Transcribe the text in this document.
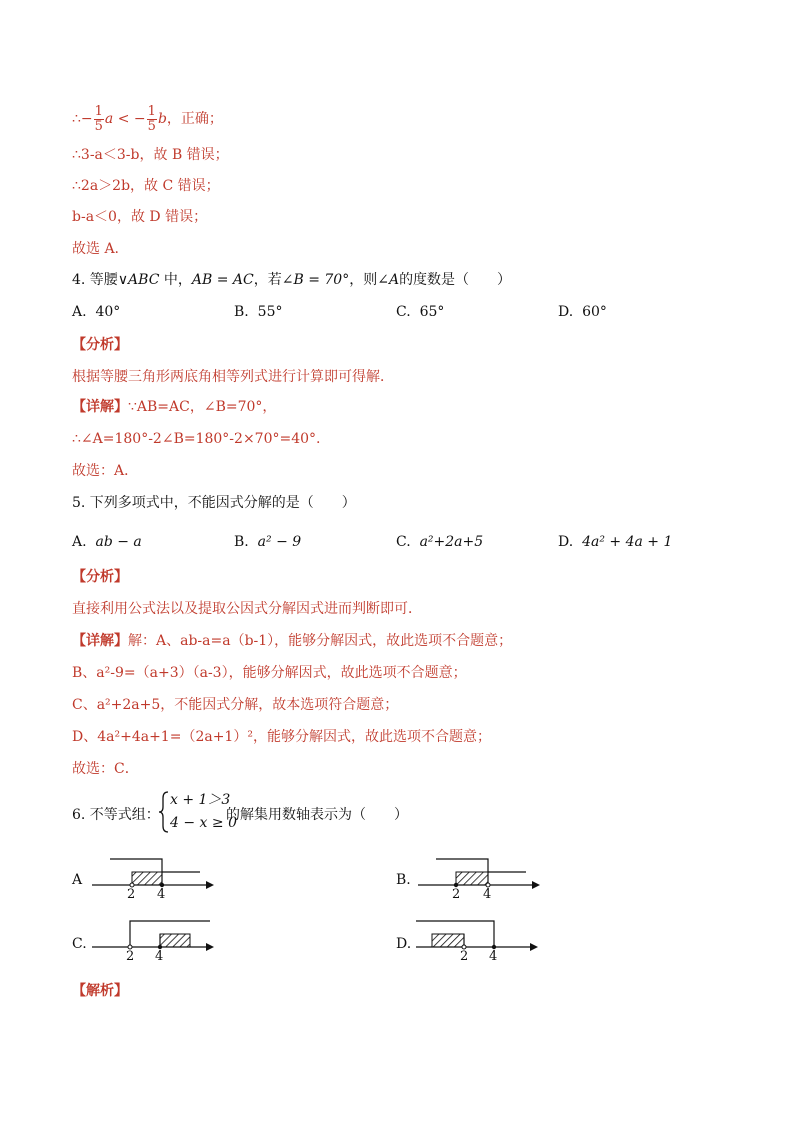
∴− $\frac{1}{5}$ a < − $\frac{1}{5}$ b，正确；
∴3-a＜3-b，故 B 错误；
∴2a＞2b，故 C 错误；
b-a＜0，故 D 错误；
故选 A.
4. 等腰∨ABC 中，AB = AC，若∠B = 70°，则∠A的度数是（　　）
A. 40°	B. 55°	C. 65°	D. 60°
【分析】
根据等腰三角形两底角相等列式进行计算即可得解．
【详解】∵AB=AC，∠B=70°，
∴∠A=180°-2∠B=180°-2×70°=40°.
故选：A．
5. 下列多项式中，不能因式分解的是（　　）
A. ab − a	B. a² − 9	C. a²+2a+5	D. 4a² + 4a + 1
【分析】
直接利用公式法以及提取公因式分解因式进而判断即可．
【详解】解：A、ab-a=a（b-1），能够分解因式，故此选项不合题意；
B、a²-9=（a+3）（a-3），能够分解因式，故此选项不合题意；
C、a²+2a+5，不能因式分解，故本选项符合题意；
D、4a²+4a+1=（2a+1）²，能够分解因式，故此选项不合题意；
故选：C．
6. 不等式组：
x + 1＞3
4 − x ≥ 0
的解集用数轴表示为（　　）
A
2 4
B.
2 4
C.
2 4
D.
2 4
【解析】
